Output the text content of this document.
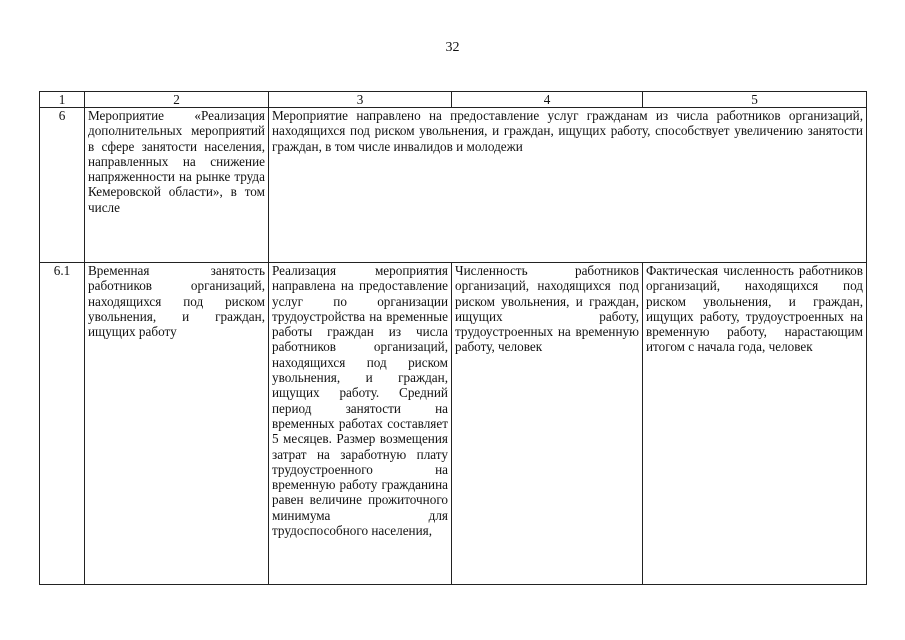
32
1	2	3	4	5
6	Мероприятие «Реализация дополнительных мероприятий в сфере занятости населения, направленных на снижение напряженности на рынке труда Кемеровской области», в том числе	Мероприятие направлено на предоставление услуг гражданам из числа работников организаций, находящихся под риском увольнения, и граждан, ищущих работу, способствует увеличению занятости граждан, в том числе инвалидов и молодежи		
6.1	Временная занятость работников организаций, находящихся под риском увольнения, и граждан, ищущих работу	Реализация мероприятия направлена на предоставление услуг по организации трудоустройства на временные работы граждан из числа работников организаций, находящихся под риском увольнения, и граждан, ищущих работу. Средний период занятости на временных работах составляет 5 месяцев. Размер возмещения затрат на заработную плату трудоустроенного на временную работу гражданина равен величине прожиточного минимума для трудоспособного населения,	Численность работников организаций, находящихся под риском увольнения, и граждан, ищущих работу, трудоустроенных на временную работу, человек	Фактическая численность работников организаций, находящихся под риском увольнения, и граждан, ищущих работу, трудоустроенных на временную работу, нарастающим итогом с начала года, человек
